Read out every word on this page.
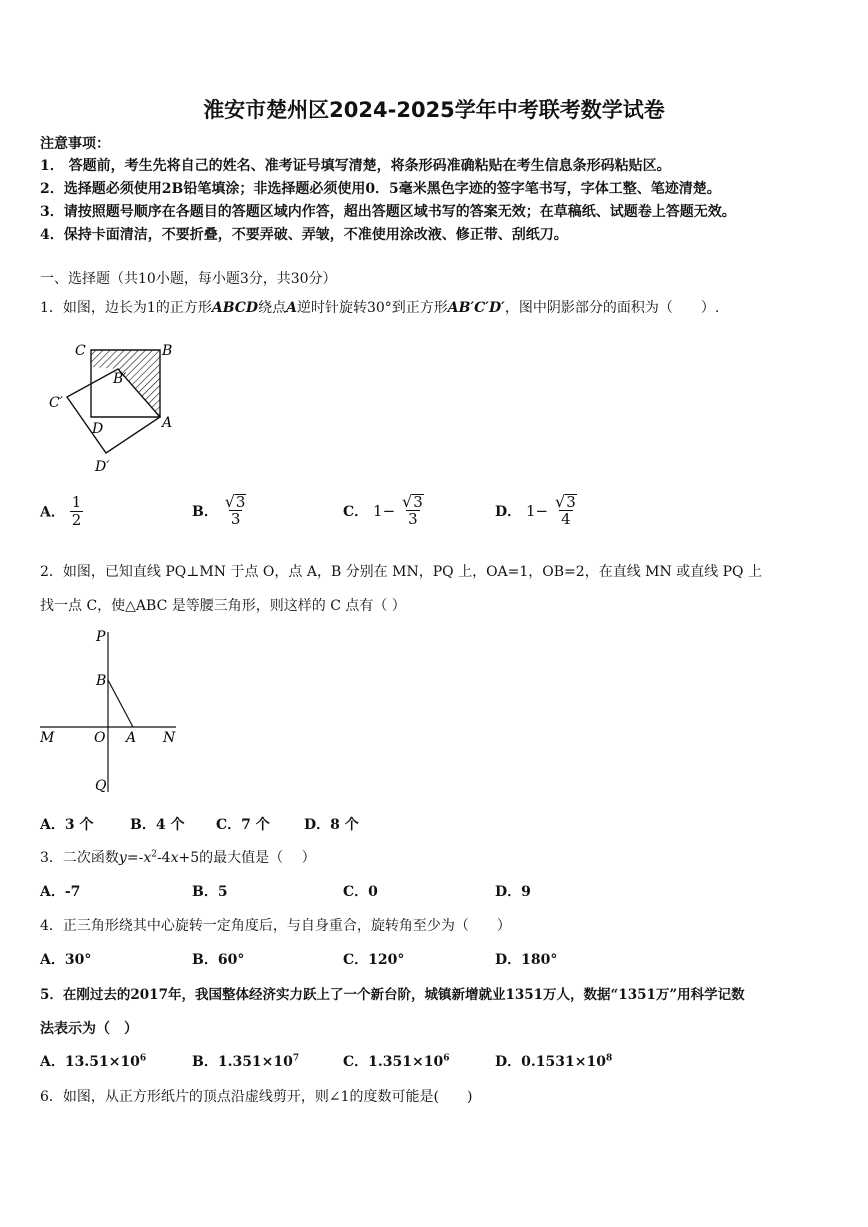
淮安市楚州区2024-2025学年中考联考数学试卷
注意事项：
1． 答题前，考生先将自己的姓名、准考证号填写清楚，将条形码准确粘贴在考生信息条形码粘贴区。
2．选择题必须使用2B铅笔填涂；非选择题必须使用0．5毫米黑色字迹的签字笔书写，字体工整、笔迹清楚。
3．请按照题号顺序在各题目的答题区域内作答，超出答题区域书写的答案无效；在草稿纸、试题卷上答题无效。
4．保持卡面清洁，不要折叠，不要弄破、弄皱，不准使用涂改液、修正带、刮纸刀。
一、选择题（共10小题，每小题3分，共30分）
1．如图，边长为1的正方形ABCD绕点A逆时针旋转30°到正方形AB′C′D′，图中阴影部分的面积为（　　）.
C	B
B′
C′
D	A
D′
A． $\frac{1}{2}$	B． $\frac{√ 3}{3}$	C． $1- \frac{√ 3}{3}$	D． $1- \frac{√ 3}{4}$
2．如图，已知直线 PQ⊥MN 于点 O，点 A，B 分别在 MN，PQ 上，OA=1，OB=2，在直线 MN 或直线 PQ 上
找一点 C，使△ABC 是等腰三角形，则这样的 C 点有（ ）
P
B
M	O A N
Q
A．3 个	B．4 个 C．7 个 D．8 个
3．二次函数$y=-x^2-4x+5$的最大值是（　 ）
A．-7	B．5	C．0	D．9
4．正三角形绕其中心旋转一定角度后，与自身重合，旋转角至少为（　　）
A．30°	B．60°	C．120°	D．180°
5．在刚过去的2017年，我国整体经济实力跃上了一个新台阶，城镇新增就业1351万人，数据“1351万”用科学记数
法表示为（　）
A．$13.51\times 10^6$	B．$1.351\times 10^7$	C．$1.351\times 10^6$	D．$0.1531\times 10^8$
6．如图，从正方形纸片的顶点沿虚线剪开，则∠1的度数可能是(　　)
